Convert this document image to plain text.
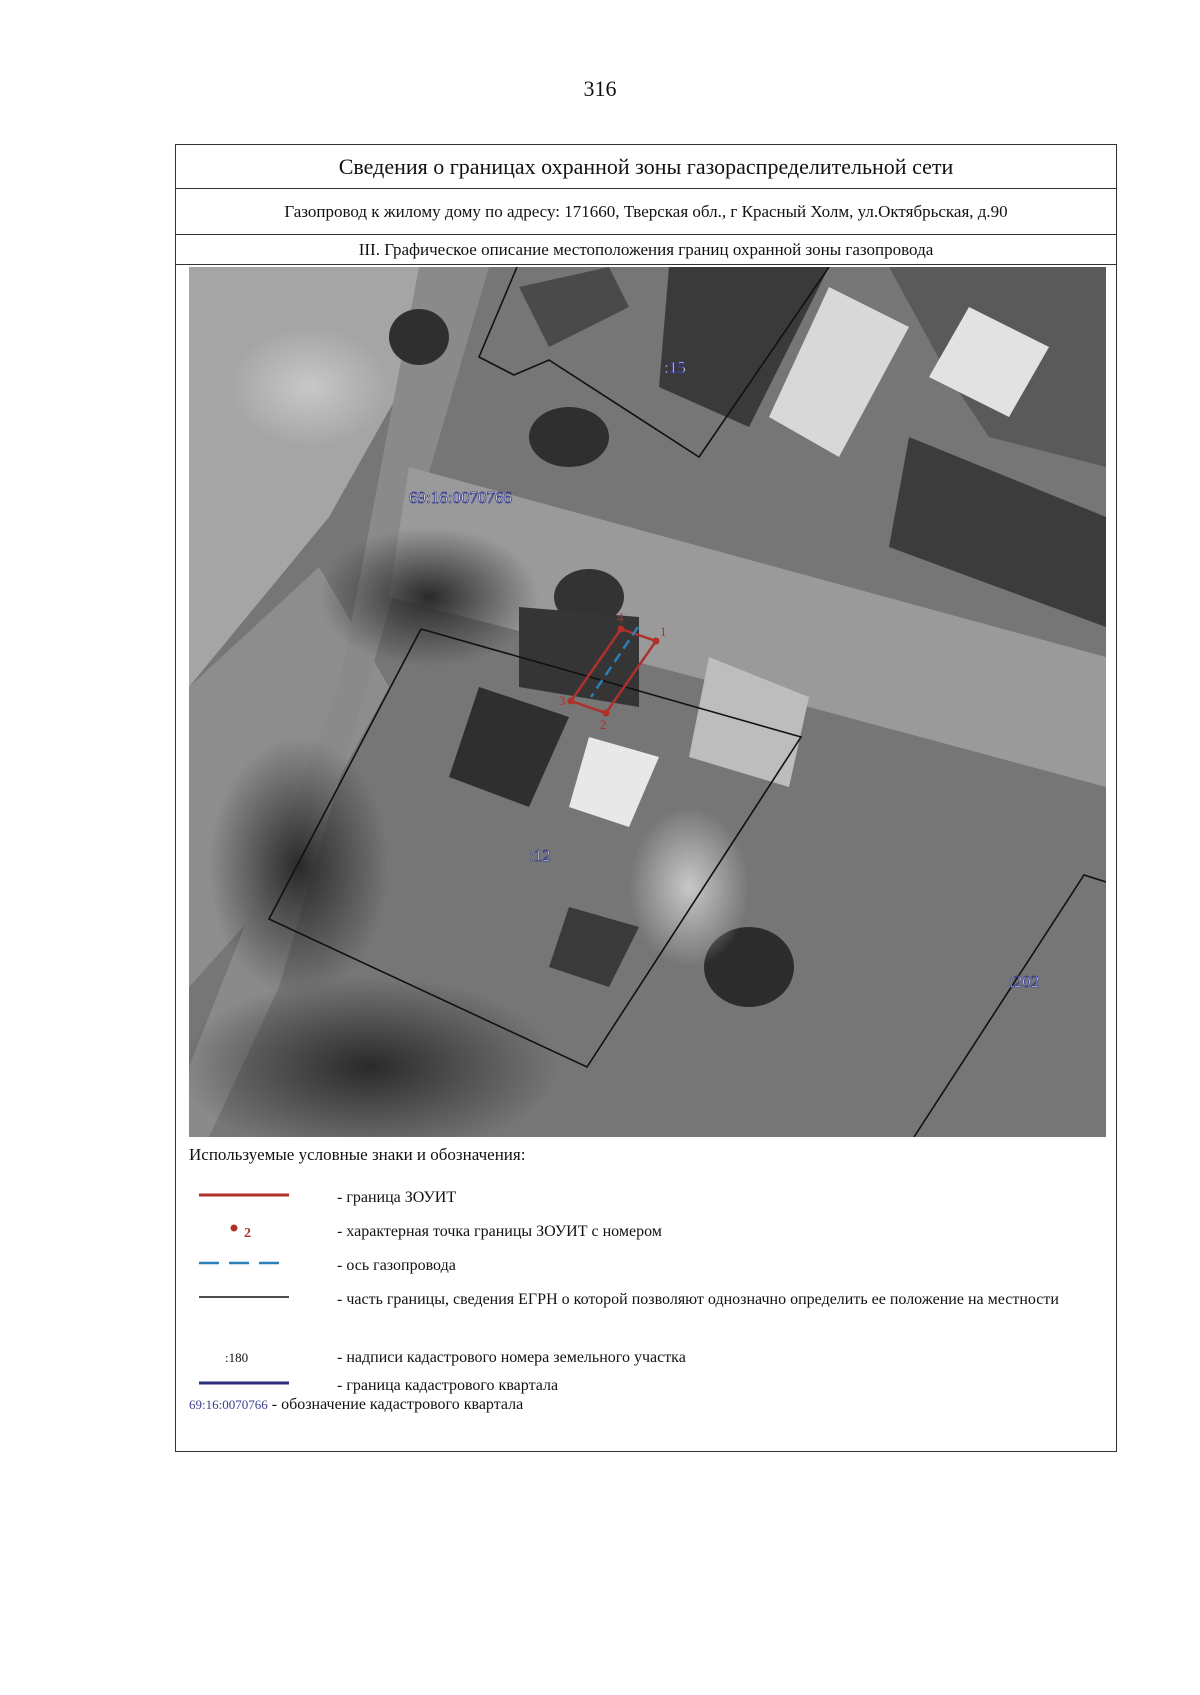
316
Сведения о границах охранной зоны газораспределительной сети
Газопровод к жилому дому по адресу: 171660, Тверская обл., г Красный Холм, ул.Октябрьская, д.90
III. Графическое описание местоположения границ охранной зоны газопровода
1
2
3
4
:15
:12
:202
69:16:0070766
Используемые условные знаки и обозначения:
- граница ЗОУИТ
2	- характерная точка границы ЗОУИТ с номером
- ось газопровода
- часть границы, сведения ЕГРН о которой позволяют однозначно определить ее положение на местности
:180	- надписи кадастрового номера земельного участка
- граница кадастрового квартала
69:16:0070766 - обозначение кадастрового квартала
